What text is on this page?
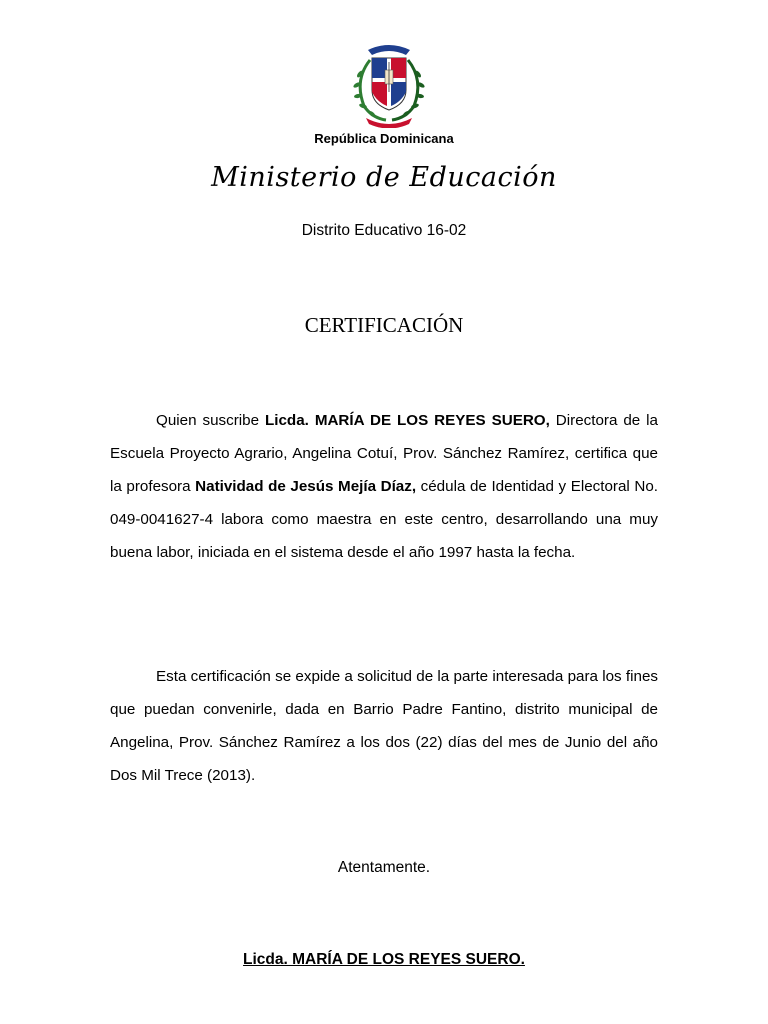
República Dominicana
Ministerio de Educación
Distrito Educativo 16-02
CERTIFICACIÓN

Quien suscribe Licda. MARÍA DE LOS REYES SUERO, Directora de la Escuela Proyecto Agrario, Angelina Cotuí, Prov. Sánchez Ramírez, certifica que la profesora Natividad de Jesús Mejía Díaz, cédula de Identidad y Electoral No. 049-0041627-4 labora como maestra en este centro, desarrollando una muy buena labor, iniciada en el sistema desde el año 1997 hasta la fecha.

Esta certificación se expide a solicitud de la parte interesada para los fines que puedan convenirle, dada en Barrio Padre Fantino, distrito municipal de Angelina, Prov. Sánchez Ramírez a los dos (22) días del mes de Junio del año Dos Mil Trece (2013).

Atentamente.
Licda. MARÍA DE LOS REYES SUERO.
